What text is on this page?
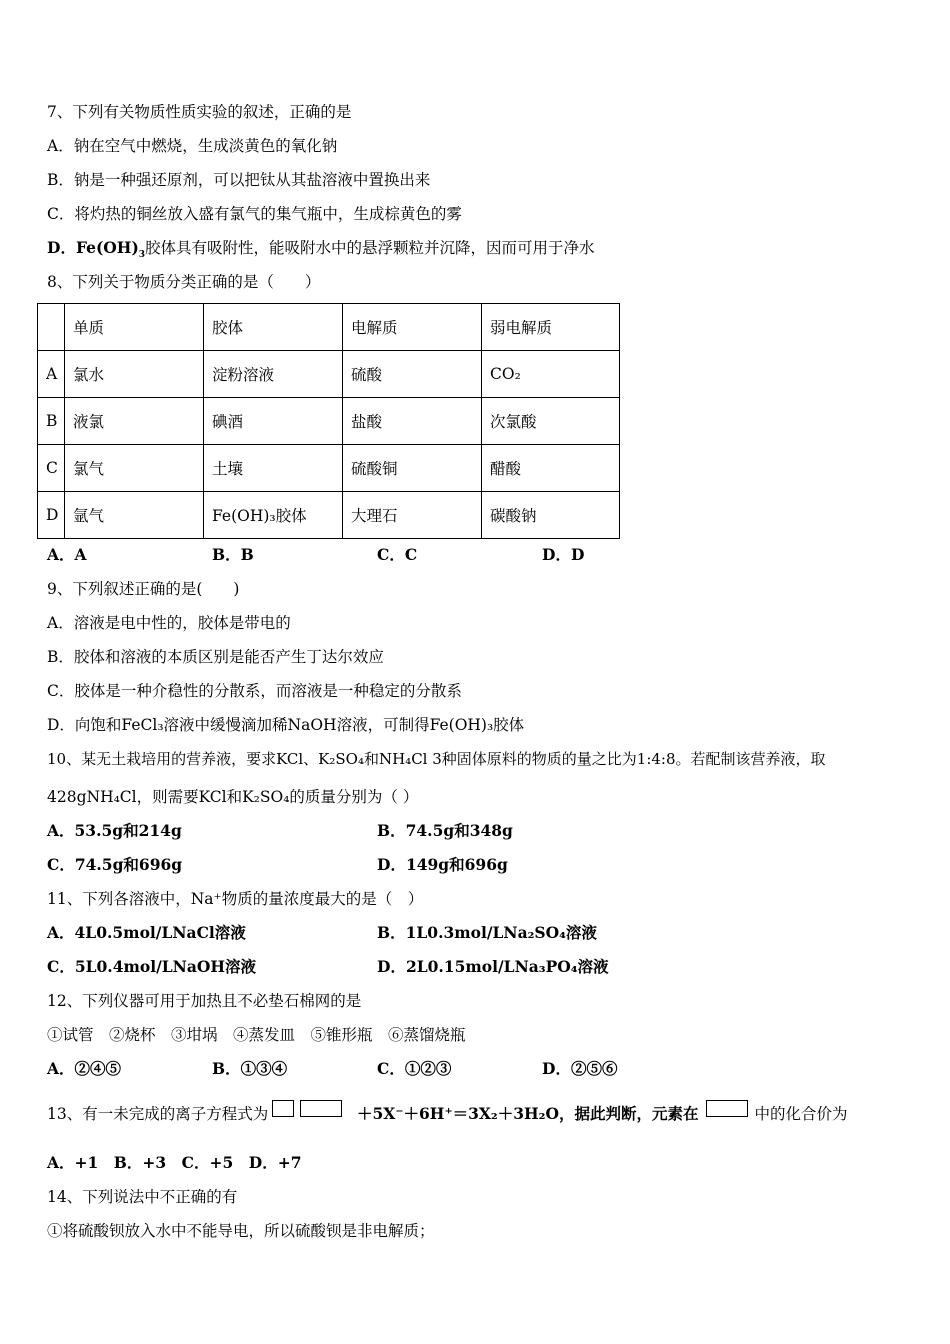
7、下列有关物质性质实验的叙述，正确的是
A．钠在空气中燃烧，生成淡黄色的氧化钠
B．钠是一种强还原剂，可以把钛从其盐溶液中置换出来
C．将灼热的铜丝放入盛有氯气的集气瓶中，生成棕黄色的雾
D．$Fe(OH)_3$胶体具有吸附性，能吸附水中的悬浮颗粒并沉降，因而可用于净水
8、下列关于物质分类正确的是（　　）
	单质	胶体	电解质	弱电解质
A	氯水	淀粉溶液	硫酸	CO₂
B	液氯	碘酒	盐酸	次氯酸
C	氯气	土壤	硫酸铜	醋酸
D	氩气	Fe(OH)₃胶体	大理石	碳酸钠
A．A	B．B	C．C	D．D
9、下列叙述正确的是(　　)
A．溶液是电中性的，胶体是带电的
B．胶体和溶液的本质区别是能否产生丁达尔效应
C．胶体是一种介稳性的分散系，而溶液是一种稳定的分散系
D．向饱和FeCl₃溶液中缓慢滴加稀NaOH溶液，可制得Fe(OH)₃胶体
10、某无土栽培用的营养液，要求KCl、K₂SO₄和NH₄Cl 3种固体原料的物质的量之比为1:4:8。若配制该营养液，取
428gNH₄Cl，则需要KCl和K₂SO₄的质量分别为（ ）
A．53.5g和214g	B．74.5g和348g
C．74.5g和696g	D．149g和696g
11、下列各溶液中，Na⁺物质的量浓度最大的是（　）
A．4L0.5mol/LNaCl溶液	B．1L0.3mol/LNa₂SO₄溶液
C．5L0.4mol/LNaOH溶液	D．2L0.15mol/LNa₃PO₄溶液
12、下列仪器可用于加热且不必垫石棉网的是
①试管　②烧杯　③坩埚　④蒸发皿　⑤锥形瓶　⑥蒸馏烧瓶
A．②④⑤	B．①③④	C．①②③	D．②⑤⑥
13、有一未完成的离子方程式为	＋5X⁻＋6H⁺＝3X₂＋3H₂O，据此判断，元素在	中的化合价为
A．+1　B．+3　C．+5　D．+7
14、下列说法中不正确的有
①将硫酸钡放入水中不能导电，所以硫酸钡是非电解质；
